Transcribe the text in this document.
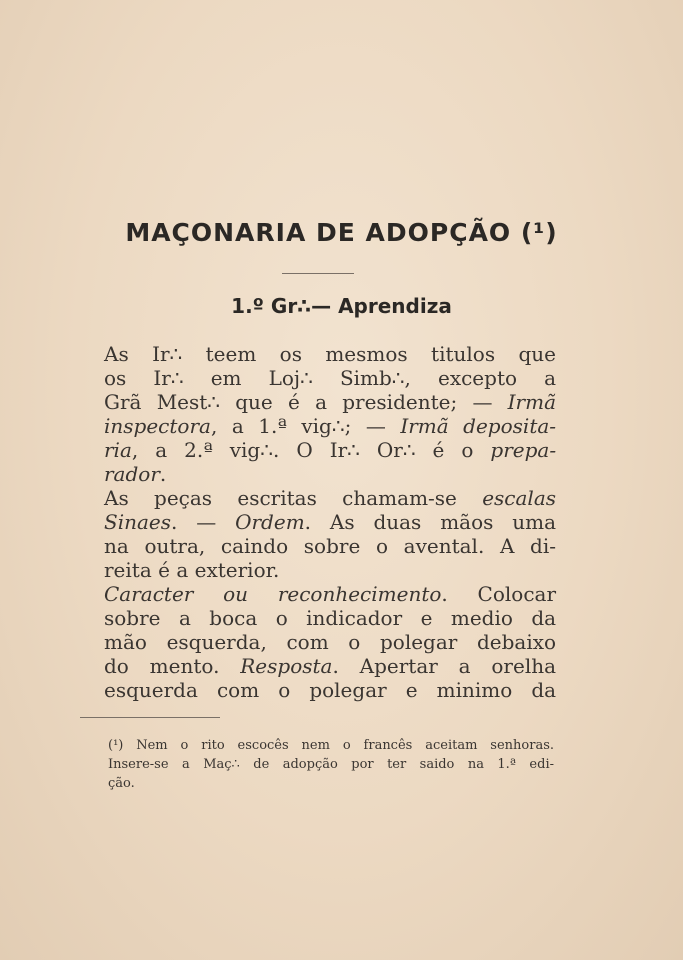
MAÇONARIA DE ADOPÇÃO (¹)
1.º Gr∴— Aprendiza
As Ir∴ teem os mesmos titulos que
os Ir∴ em Loj∴ Simb∴, excepto a
Grã Mest∴ que é a presidente; — Irmã
inspectora, a 1.ª vig∴; — Irmã deposita-
ria, a 2.ª vig∴. O Ir∴ Or∴ é o prepa-
rador.
As peças escritas chamam-se escalas
Sinaes. — Ordem. As duas mãos uma
na outra, caindo sobre o avental. A di-
reita é a exterior.
Caracter ou reconhecimento. Colocar
sobre a boca o indicador e medio da
mão esquerda, com o polegar debaixo
do mento. Resposta. Apertar a orelha
esquerda com o polegar e minimo da
(¹) Nem o rito escocês nem o francês aceitam senhoras.
Insere-se a Maç∴ de adopção por ter saido na 1.ª edi-
ção.
